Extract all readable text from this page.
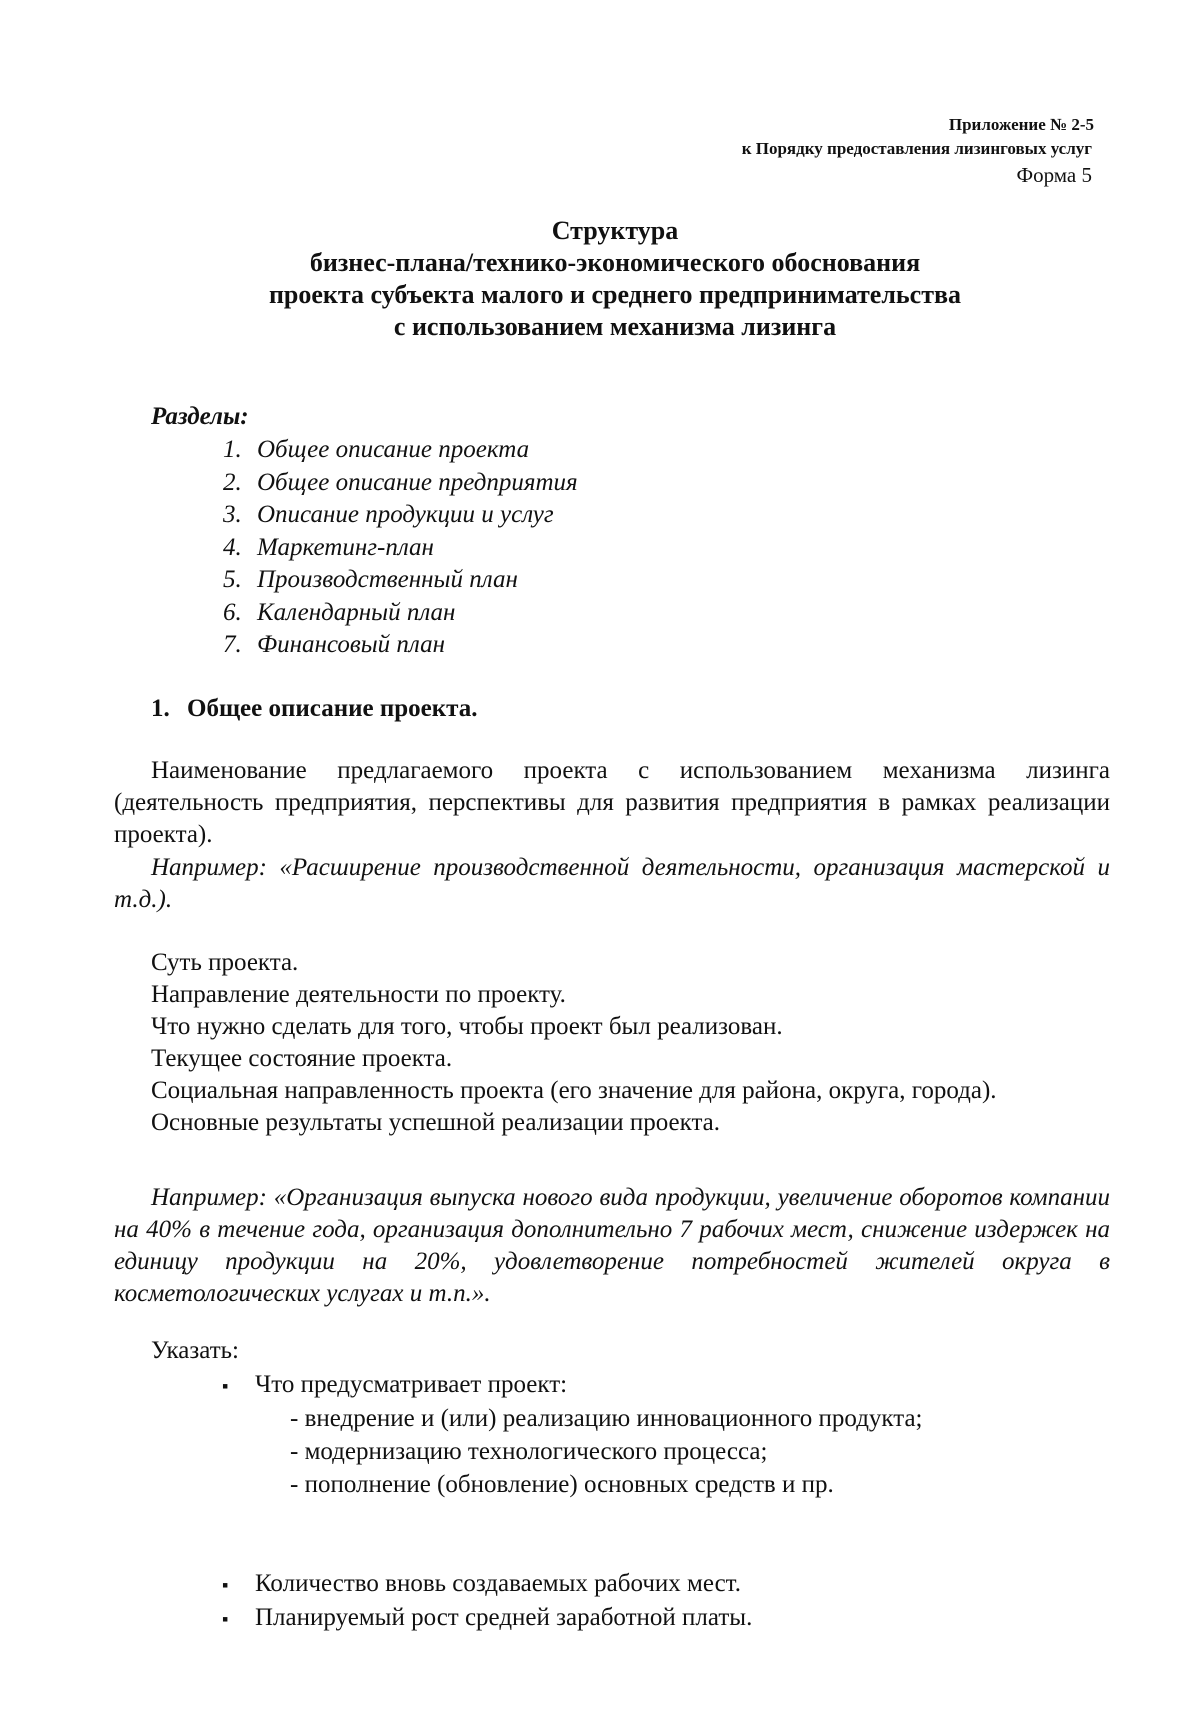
Приложение № 2-5
к Порядку предоставления лизинговых услуг
Форма 5
Структура
бизнес-плана/технико-экономического обоснования
проекта субъекта малого и среднего предпринимательства
с использованием механизма лизинга
Разделы:
1. Общее описание проекта
2. Общее описание предприятия
3. Описание продукции и услуг
4. Маркетинг-план
5. Производственный план
6. Календарный план
7. Финансовый план
1. Общее описание проекта.
Наименование предлагаемого проекта с использованием механизма лизинга (деятельность предприятия, перспективы для развития предприятия в рамках реализации проекта).
Например: «Расширение производственной деятельности, организация мастерской и т.д.).
Суть проекта.
Направление деятельности по проекту.
Что нужно сделать для того, чтобы проект был реализован.
Текущее состояние проекта.
Социальная направленность проекта (его значение для района, округа, города).
Основные результаты успешной реализации проекта.
Например: «Организация выпуска нового вида продукции, увеличение оборотов компании на 40% в течение года, организация дополнительно 7 рабочих мест, снижение издержек на единицу продукции на 20%, удовлетворение потребностей жителей округа в косметологических услугах и т.п.».
Указать:
▪	Что предусматривает проект:
- внедрение и (или) реализацию инновационного продукта;
- модернизацию технологического процесса;
- пополнение (обновление) основных средств и пр.
▪	Количество вновь создаваемых рабочих мест.
▪	Планируемый рост средней заработной платы.
